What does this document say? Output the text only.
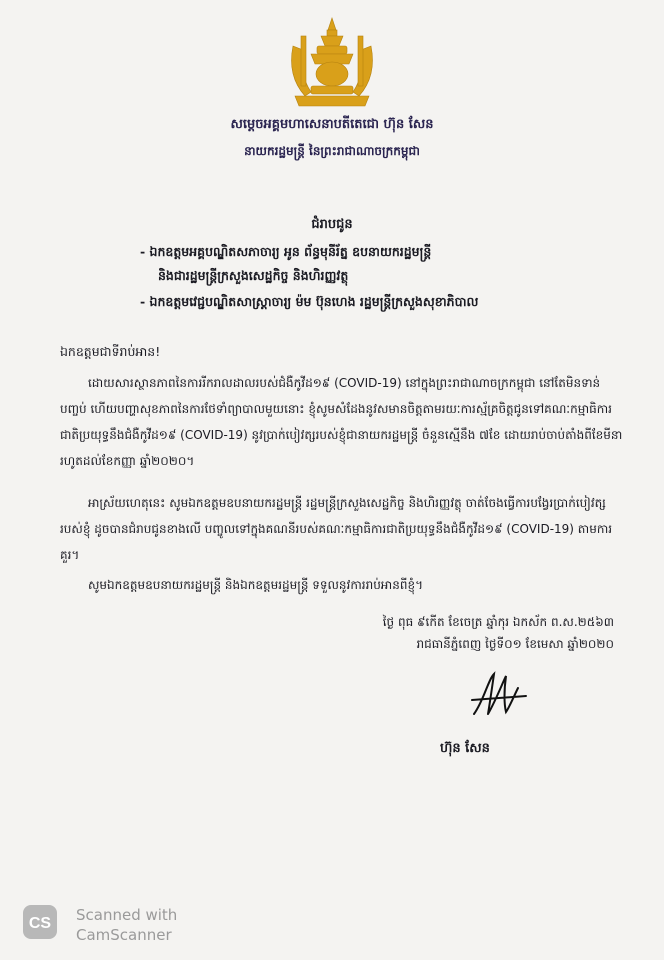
សម្ដេចអគ្គមហាសេនាបតីតេជោ ហ៊ុន សែន
នាយករដ្ឋមន្ត្រី នៃព្រះរាជាណាចក្រកម្ពុជា
ជំរាបជូន
- ឯកឧត្តមអគ្គបណ្ឌិតសភាចារ្យ អូន ព័ន្ធមុនីរ័ត្ន ឧបនាយករដ្ឋមន្ត្រី
និងជារដ្ឋមន្ត្រីក្រសួងសេដ្ឋកិច្ច និងហិរញ្ញវត្ថុ
- ឯកឧត្តមវេជ្ជបណ្ឌិតសាស្ត្រាចារ្យ ម៉ម ប៊ុនហេង រដ្ឋមន្ត្រីក្រសួងសុខាភិបាល
ឯកឧត្តមជាទីរាប់អាន!
ដោយសារស្ថានភាពនៃការរីករាលដាលរបស់ជំងឺកូវីដ១៩ (COVID-19) នៅក្នុងព្រះរាជាណាចក្រកម្ពុជា នៅតែមិនទាន់បញ្ចប់ ហើយបញ្ហាសុខភាពនៃការថែទាំព្យាបាលមួយនោះ ខ្ញុំសូមសំដែងនូវសមានចិត្តតាមរយៈការស្ម័គ្រចិត្តជូនទៅគណៈកម្មាធិការជាតិប្រយុទ្ធនឹងជំងឺកូវីដ១៩ (COVID-19) នូវប្រាក់បៀវត្សរបស់ខ្ញុំជានាយករដ្ឋមន្ត្រី ចំនួនស្មើនឹង ៧ខែ ដោយរាប់ចាប់តាំងពីខែមីនា រហូតដល់ខែកញ្ញា ឆ្នាំ២០២០។
អាស្រ័យហេតុនេះ សូមឯកឧត្តមឧបនាយករដ្ឋមន្ត្រី រដ្ឋមន្ត្រីក្រសួងសេដ្ឋកិច្ច និងហិរញ្ញវត្ថុ ចាត់ចែងធ្វើការបង្វែរប្រាក់បៀវត្សរបស់ខ្ញុំ ដូចបានជំរាបជូនខាងលើ បញ្ចូលទៅក្នុងគណនីរបស់គណៈកម្មាធិការជាតិប្រយុទ្ធនឹងជំងឺកូវីដ១៩ (COVID-19) តាមការគួរ។
សូមឯកឧត្តមឧបនាយករដ្ឋមន្ត្រី និងឯកឧត្តមរដ្ឋមន្ត្រី ទទួលនូវការរាប់អានពីខ្ញុំ។
ថ្ងៃ ពុធ ៩កើត ខែចេត្រ ឆ្នាំកុរ ឯកស័ក ព.ស.២៥៦៣
រាជធានីភ្នំពេញ ថ្ងៃទី០១ ខែមេសា ឆ្នាំ២០២០
ហ៊ុន សែន
CS Scanned with
CamScanner
